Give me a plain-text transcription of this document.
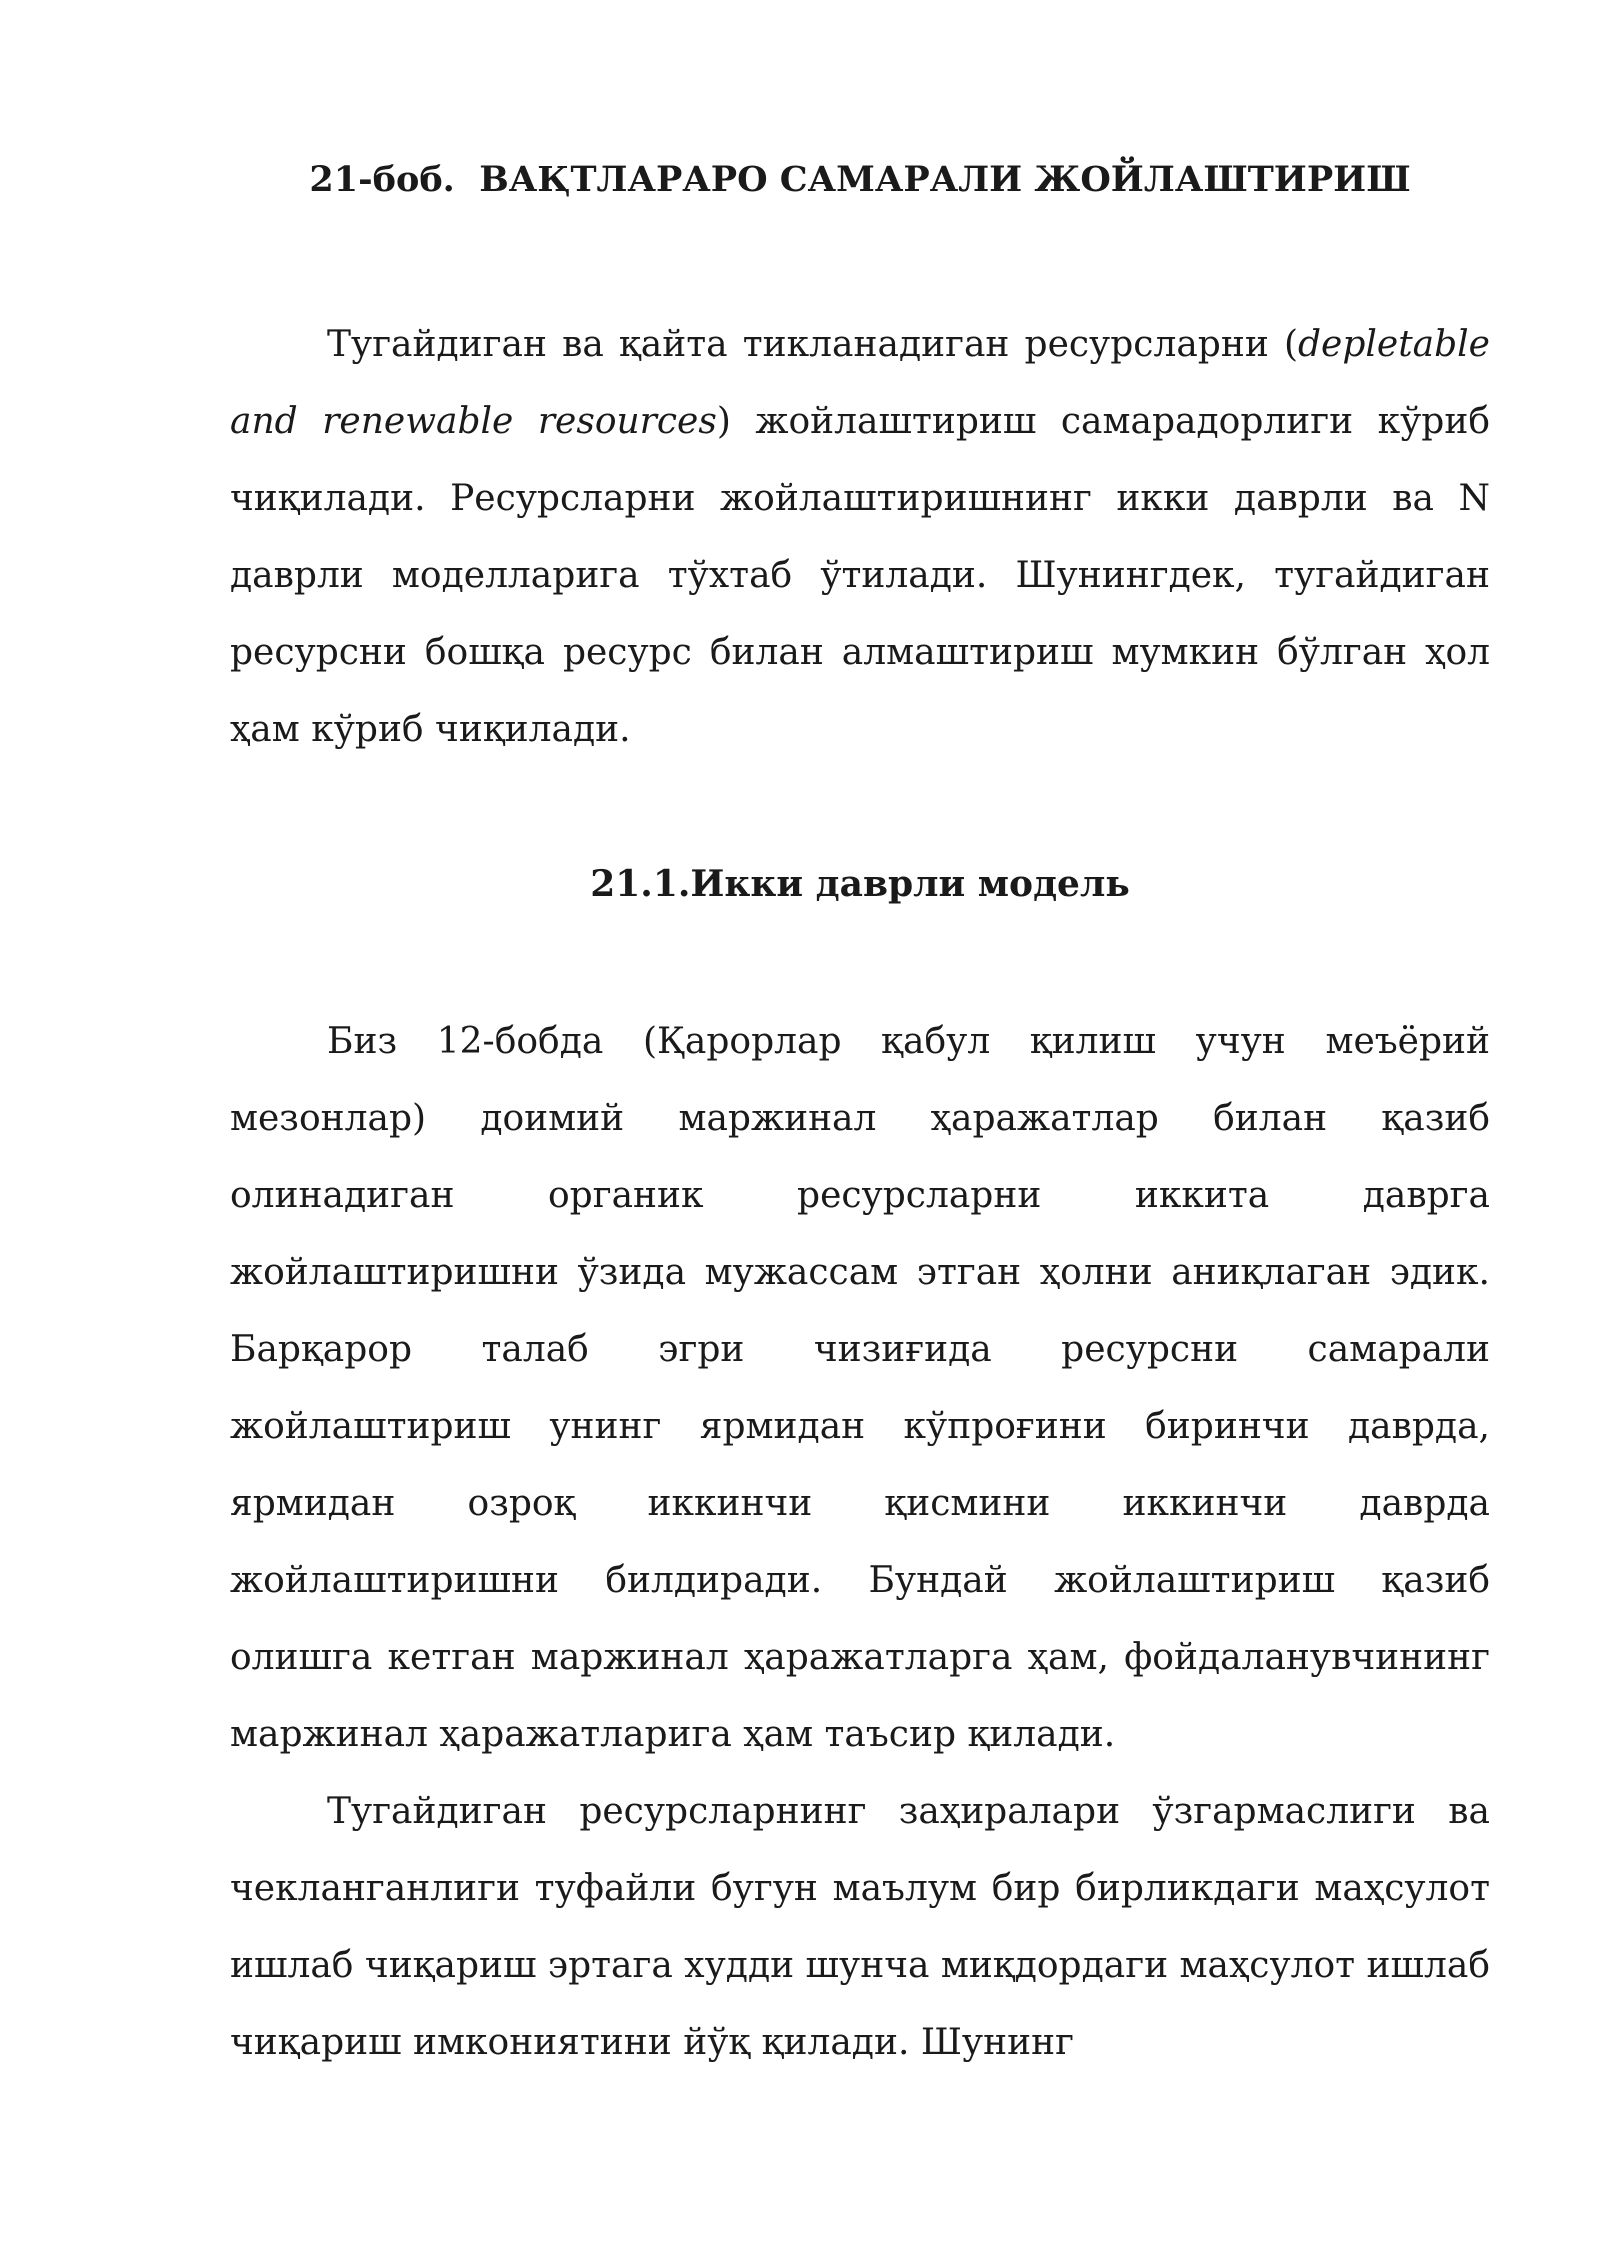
21-боб. ВАҚТЛАРАРО САМАРАЛИ ЖОЙЛАШТИРИШ

Тугайдиган ва қайта тикланадиган ресурсларни (depletable and renewable resources) жойлаштириш самарадорлиги кўриб чиқилади. Ресурсларни жойлаштиришнинг икки даврли ва N даврли моделларига тўхтаб ўтилади. Шунингдек, тугайдиган ресурсни бошқа ресурс билан алмаштириш мумкин бўлган ҳол ҳам кўриб чиқилади.

21.1.Икки даврли модель

Биз 12-бобда (Қарорлар қабул қилиш учун меъёрий мезонлар) доимий маржинал ҳаражатлар билан қазиб олинадиган органик ресурсларни иккита даврга жойлаштиришни ўзида мужассам этган ҳолни аниқлаган эдик. Барқарор талаб эгри чизиғида ресурсни самарали жойлаштириш унинг ярмидан кўпроғини биринчи даврда, ярмидан озроқ иккинчи қисмини иккинчи даврда жойлаштиришни билдиради. Бундай жойлаштириш қазиб олишга кетган маржинал ҳаражатларга ҳам, фойдаланувчининг маржинал ҳаражатларига ҳам таъсир қилади.

Тугайдиган ресурсларнинг заҳиралари ўзгармаслиги ва чекланганлиги туфайли бугун маълум бир бирликдаги маҳсулот ишлаб чиқариш эртага худди шунча миқдордаги маҳсулот ишлаб чиқариш имкониятини йўқ қилади. Шунинг
